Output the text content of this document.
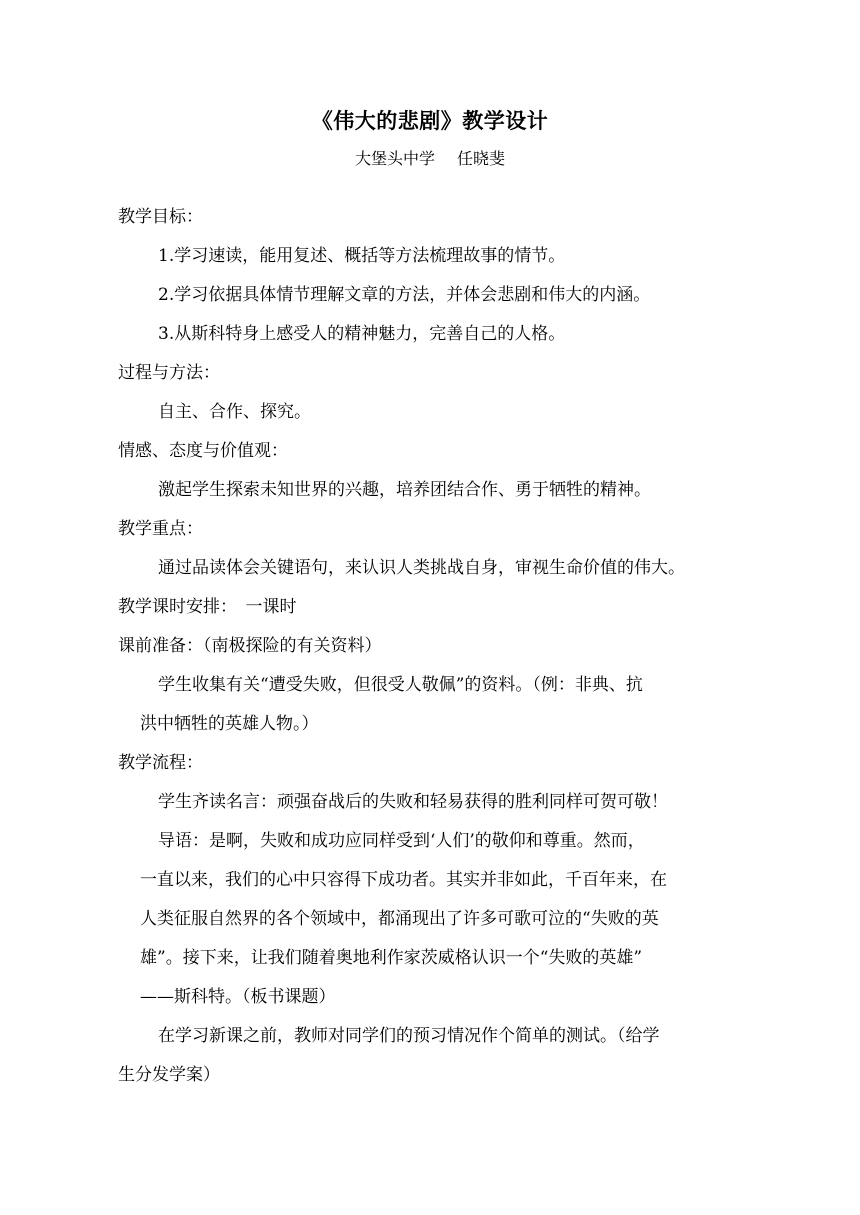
《伟大的悲剧》教学设计
大堡头中学 任晓斐
教学目标：
1.学习速读，能用复述、概括等方法梳理故事的情节。
2.学习依据具体情节理解文章的方法，并体会悲剧和伟大的内涵。
3.从斯科特身上感受人的精神魅力，完善自己的人格。
过程与方法：
自主、合作、探究。
情感、态度与价值观：
激起学生探索未知世界的兴趣，培养团结合作、勇于牺牲的精神。
教学重点：
通过品读体会关键语句，来认识人类挑战自身，审视生命价值的伟大。
教学课时安排：　一课时
课前准备：（南极探险的有关资料）
学生收集有关“遭受失败，但很受人敬佩”的资料。（例：非典、抗
洪中牺牲的英雄人物。）
教学流程：
学生齐读名言：顽强奋战后的失败和轻易获得的胜利同样可贺可敬！
导语：是啊，失败和成功应同样受到‘人们’的敬仰和尊重。然而，
一直以来，我们的心中只容得下成功者。其实并非如此，千百年来，在
人类征服自然界的各个领域中，都涌现出了许多可歌可泣的“失败的英
雄”。接下来，让我们随着奥地利作家茨威格认识一个“失败的英雄”
——斯科特。（板书课题）
在学习新课之前，教师对同学们的预习情况作个简单的测试。（给学
生分发学案）
